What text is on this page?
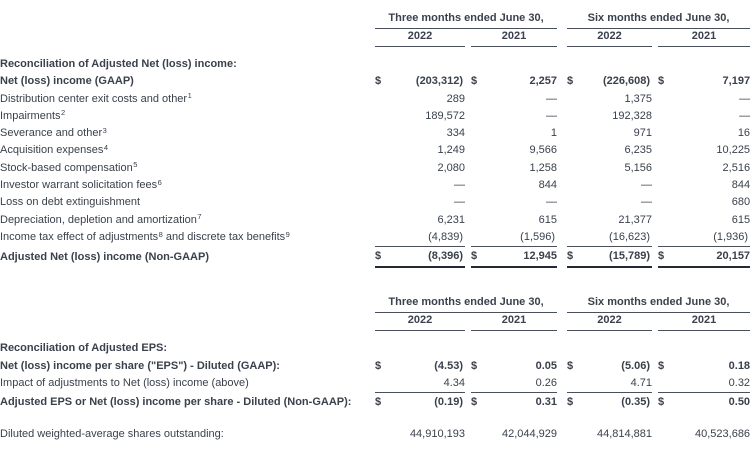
	Three months ended June 30,						Six months ended June 30,				
	2022			2021			2022			2021	

Reconciliation of Adjusted Net (loss) income:											
Net (loss) income (GAAP)	$	(203,312)		$	2,257		$	(226,608)		$	7,197
Distribution center exit costs and other$^1$		289			—			1,375			—
Impairments$^2$		189,572			—			192,328			—
Severance and other$^3$		334			1			971			16
Acquisition expenses$^4$		1,249			9,566			6,235			10,225
Stock-based compensation$^5$		2,080			1,258			5,156			2,516
Investor warrant solicitation fees$^6$		—			844			—			844
Loss on debt extinguishment		—			—			—			680
Depreciation, depletion and amortization$^7$		6,231			615			21,377			615
Income tax effect of adjustments$^8$ and discrete tax benefits$^9$		(4,839)			(1,596)			(16,623)			(1,936)
Adjusted Net (loss) income (Non-GAAP)	$	(8,396)		$	12,945		$	(15,789)		$	20,157
	Three months ended June 30,						Six months ended June 30,				
	2022			2021			2022			2021	

Reconciliation of Adjusted EPS:											
Net (loss) income per share ("EPS") - Diluted (GAAP):	$	(4.53)		$	0.05		$	(5.06)		$	0.18
Impact of adjustments to Net (loss) income (above)		4.34			0.26			4.71			0.32
Adjusted EPS or Net (loss) income per share - Diluted (Non-GAAP):	$	(0.19)		$	0.31		$	(0.35)		$	0.50

Diluted weighted-average shares outstanding:		44,910,193			42,044,929			44,814,881			40,523,686
